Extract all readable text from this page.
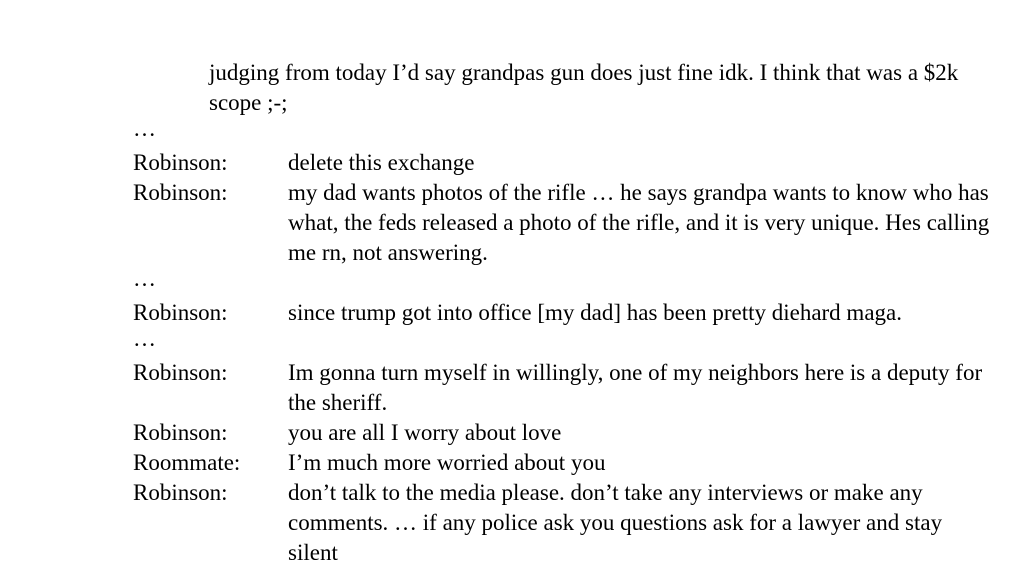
judging from today I’d say grandpas gun does just fine idk. I think that was a $2k scope ;-;
…
Robinson:	delete this exchange
Robinson:	my dad wants photos of the rifle … he says grandpa wants to know who has what, the feds released a photo of the rifle, and it is very unique. Hes calling me rn, not answering.
…
Robinson:	since trump got into office [my dad] has been pretty diehard maga.
…
Robinson:	Im gonna turn myself in willingly, one of my neighbors here is a deputy for the sheriff.
Robinson:	you are all I worry about love
Roommate:	I’m much more worried about you
Robinson:	don’t talk to the media please. don’t take any interviews or make any comments. … if any police ask you questions ask for a lawyer and stay silent
